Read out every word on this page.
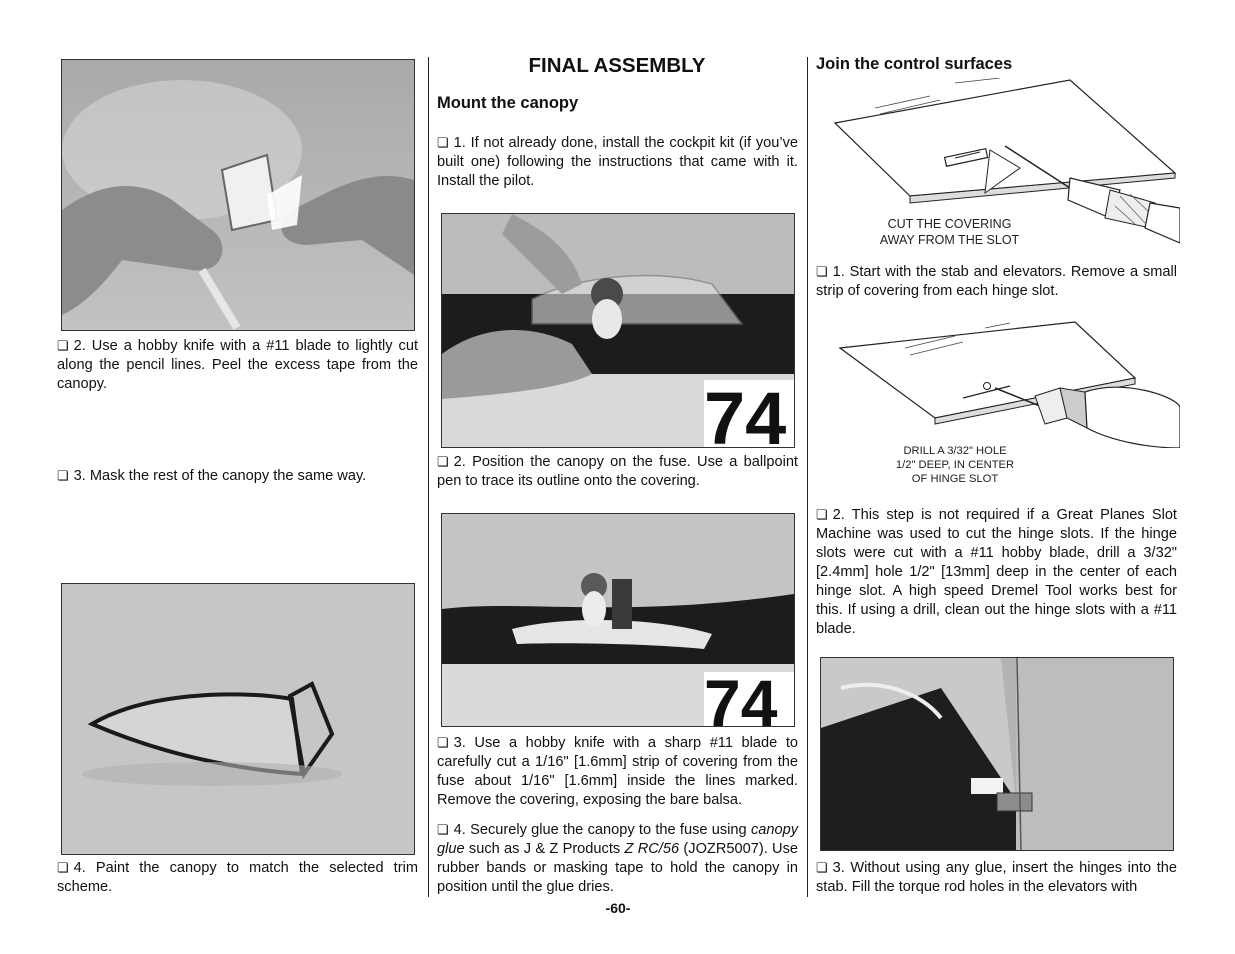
❏ 2. Use a hobby knife with a #11 blade to lightly cut along the pencil lines. Peel the excess tape from the canopy.

❏ 3. Mask the rest of the canopy the same way.

❏ 4. Paint the canopy to match the selected trim scheme.

FINAL ASSEMBLY
Mount the canopy

❏ 1. If not already done, install the cockpit kit (if you’ve built one) following the instructions that came with it. Install the pilot.

74

❏ 2. Position the canopy on the fuse. Use a ballpoint pen to trace its outline onto the covering.

74

❏ 3. Use a hobby knife with a sharp #11 blade to carefully cut a 1/16" [1.6mm] strip of covering from the fuse about 1/16" [1.6mm] inside the lines marked. Remove the covering, exposing the bare balsa.

❏ 4. Securely glue the canopy to the fuse using canopy glue such as J & Z Products Z RC/56 (JOZR5007). Use rubber bands or masking tape to hold the canopy in position until the glue dries.

-60-
Join the control surfaces
CUT THE COVERING
AWAY FROM THE SLOT

❏ 1. Start with the stab and elevators. Remove a small strip of covering from each hinge slot.

DRILL A 3/32" HOLE
1/2" DEEP, IN CENTER
OF HINGE SLOT

❏ 2. This step is not required if a Great Planes Slot Machine was used to cut the hinge slots. If the hinge slots were cut with a #11 hobby blade, drill a 3/32" [2.4mm] hole 1/2" [13mm] deep in the center of each hinge slot. A high speed Dremel Tool works best for this. If using a drill, clean out the hinge slots with a #11 blade.

❏ 3. Without using any glue, insert the hinges into the stab. Fill the torque rod holes in the elevators with
